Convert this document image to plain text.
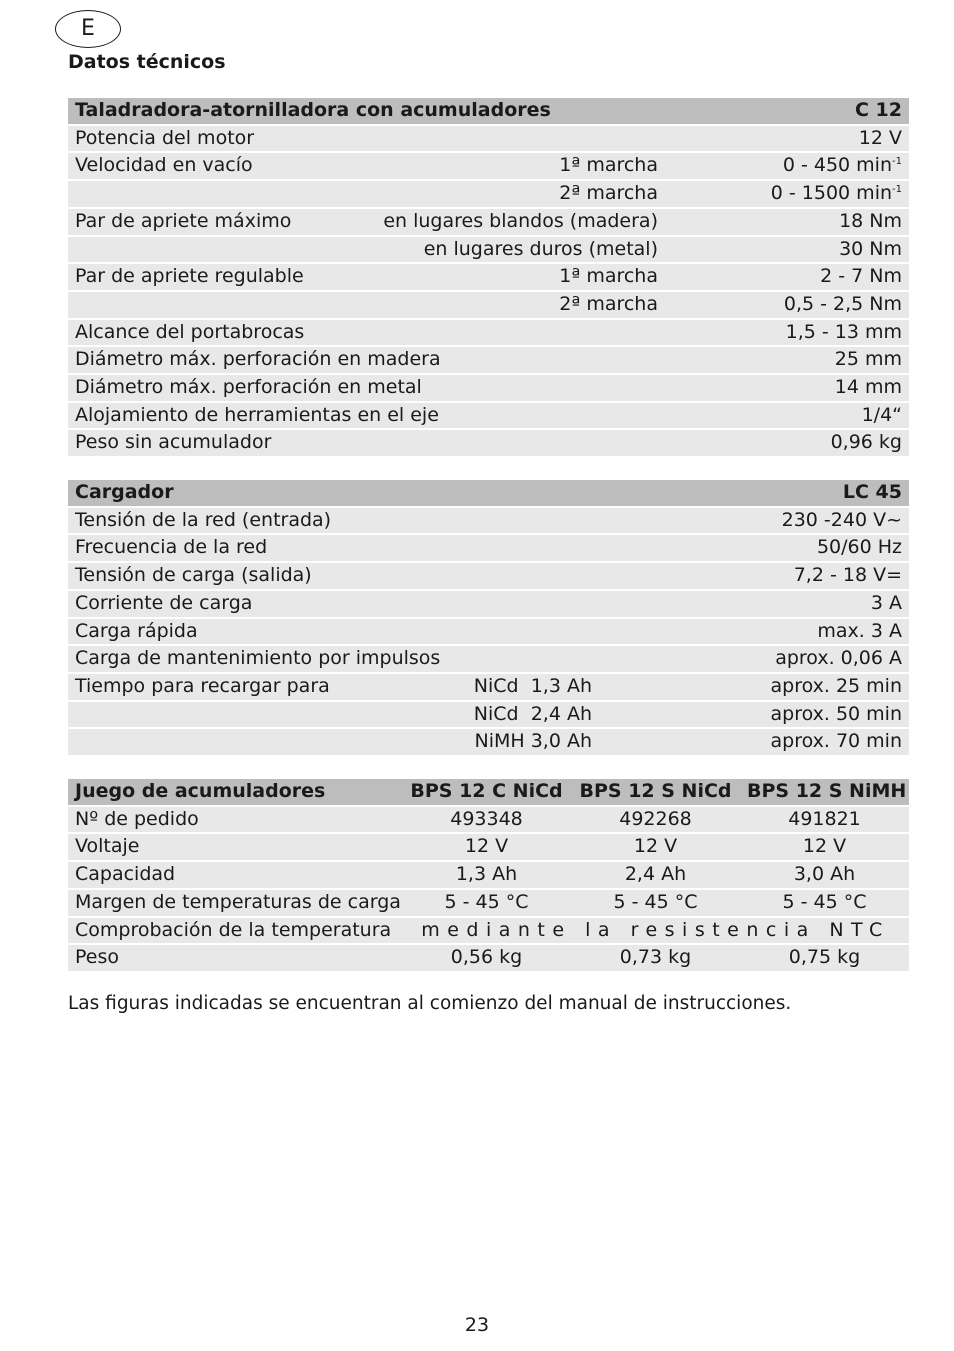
E
Datos técnicos
Taladradora-atornilladora con acumuladores		C 12
Potencia del motor		12 V
Velocidad en vacío	1ª marcha	0 - 450 $\min^{-1}$
	2ª marcha	0 - 1500 $\min^{-1}$
Par de apriete máximo	en lugares blandos (madera)	18 Nm
	en lugares duros (metal)	30 Nm
Par de apriete regulable	1ª marcha	2 - 7 Nm
	2ª marcha	0,5 - 2,5 Nm
Alcance del portabrocas		1,5 - 13 mm
Diámetro máx. perforación en madera		25 mm
Diámetro máx. perforación en metal		14 mm
Alojamiento de herramientas en el eje		1/4“
Peso sin acumulador		0,96 kg
Cargador		LC 45
Tensión de la red (entrada)		230 -240 V~
Frecuencia de la red		50/60 Hz
Tensión de carga (salida)		7,2 - 18 V=
Corriente de carga		3 A
Carga rápida		max. 3 A
Carga de mantenimiento por impulsos		aprox. 0,06 A
Tiempo para recargar para	NiCd  1,3 Ah	aprox. 25 min
	NiCd  2,4 Ah	aprox. 50 min
	NiMH 3,0 Ah	aprox. 70 min
Juego de acumuladores	BPS 12 C NiCd	BPS 12 S NiCd	BPS 12 S NiMH
Nº de pedido	493348	492268	491821
Voltaje	12 V	12 V	12 V
Capacidad	1,3 Ah	2,4 Ah	3,0 Ah
Margen de temperaturas de carga	5 - 45 °C	5 - 45 °C	5 - 45 °C
Comprobación de la temperatura	mediante la resistencia NTC		
Peso	0,56 kg	0,73 kg	0,75 kg
Las figuras indicadas se encuentran al comienzo del manual de instrucciones.
23
